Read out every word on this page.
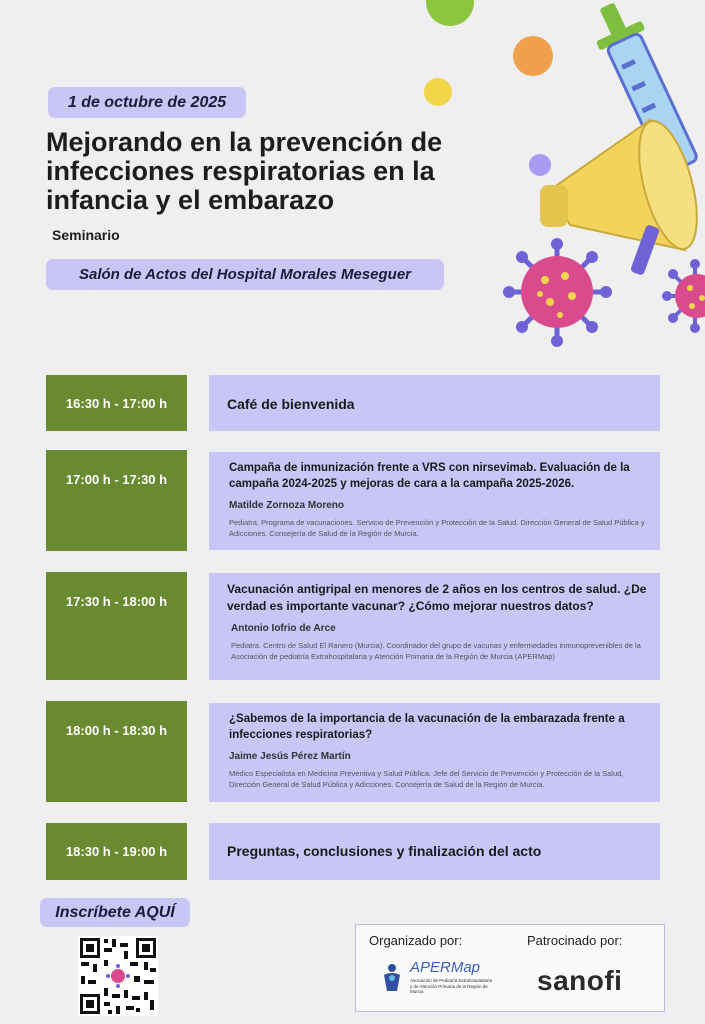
1 de octubre de 2025
Mejorando en la prevención de infecciones respiratorias en la infancia y el embarazo
Seminario
Salón de Actos del Hospital Morales Meseguer
16:30 h - 17:00 h	Café de bienvenida
17:00 h - 17:30 h
Campaña de inmunización frente a VRS con nirsevimab. Evaluación de la campaña 2024-2025 y mejoras de cara a la campaña 2025-2026.
Matilde Zornoza Moreno
Pediatra. Programa de vacunaciones. Servicio de Prevención y Protección de la Salud. Dirección General de Salud Pública y Adicciones. Consejería de Salud de la Región de Murcia.
17:30 h - 18:00 h
Vacunación antigripal en menores de 2 años en los centros de salud. ¿De verdad es importante vacunar? ¿Cómo mejorar nuestros datos?
Antonio Iofrio de Arce
Pediatra. Centro de Salud El Ranero (Murcia). Coordinador del grupo de vacunas y enfermedades inmunoprevenibles de la Asociación de pediatría Extrahospitalaria y Atención Primaria de la Región de Murcia (APERMap)
18:00 h - 18:30 h
¿Sabemos de la importancia de la vacunación de la embarazada frente a infecciones respiratorias?
Jaime Jesús Pérez Martín
Médico Especialista en Medicina Preventiva y Salud Pública. Jefe del Servicio de Prevención y Protección de la Salud, Dirección General de Salud Pública y Adicciones. Consejería de Salud de la Región de Murcia.
18:30 h - 19:00 h	Preguntas, conclusiones y finalización del acto
Inscríbete AQUÍ
Organizado por:	Patrocinado por:
APERMap
Asociación de Pediatría Extrahospitalaria y de Atención Primaria de la Región de Murcia	sanofi
